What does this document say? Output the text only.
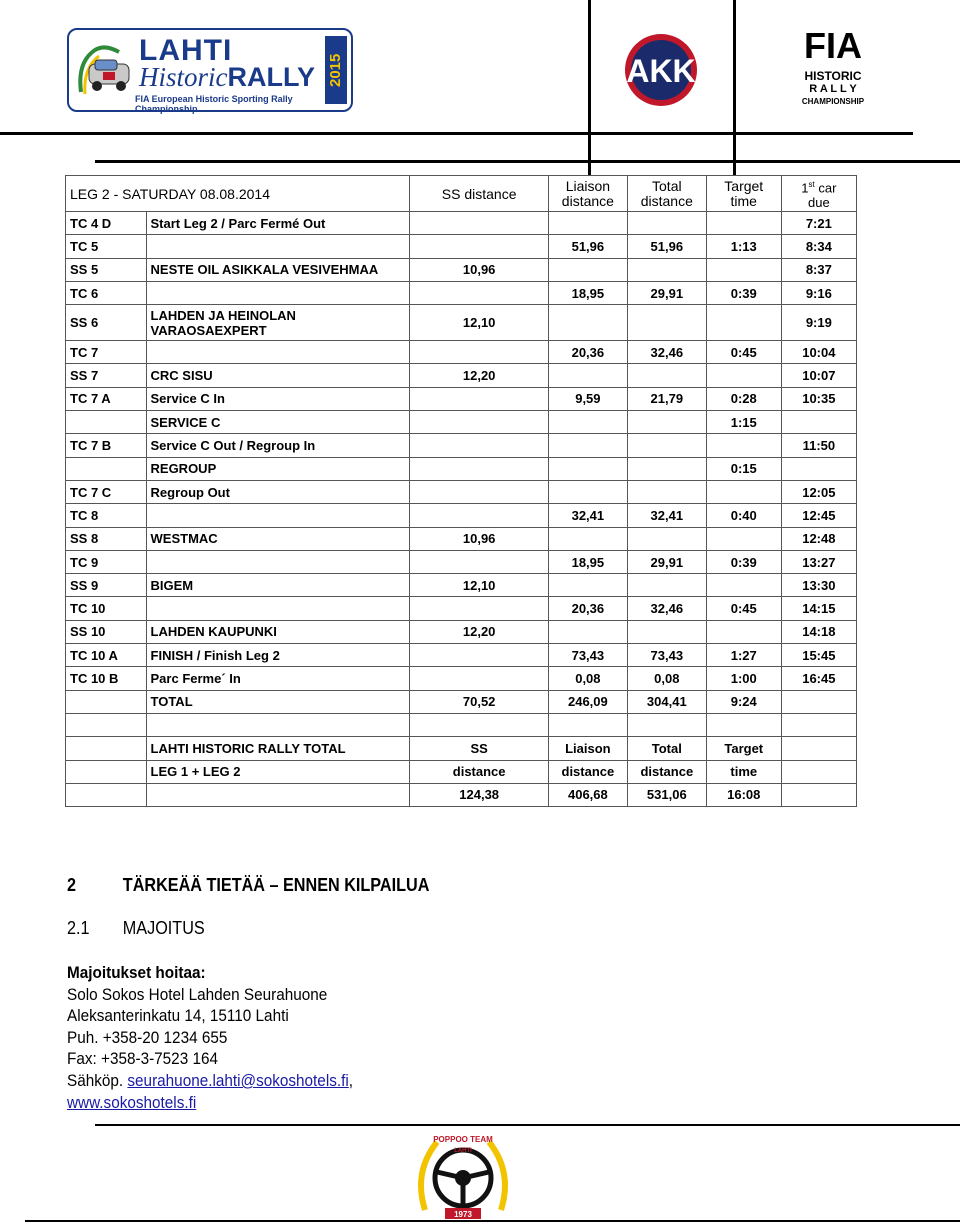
LAHTI
HistoricRALLY
FIA European Historic Sporting Rally Championship
2015	AKK
FIA
HISTORIC
R A L L Y
CHAMPIONSHIP
LEG 2 - SATURDAY 08.08.2014		SS distance	Liaison
distance	Total
distance	Target
time	1st car
due

TC 4 D	Start Leg 2 / Parc Fermé Out					7:21
TC 5			51,96	51,96	1:13	8:34
SS 5	NESTE OIL ASIKKALA VESIVEHMAA	10,96				8:37
TC 6			18,95	29,91	0:39	9:16
SS 6	LAHDEN JA HEINOLAN
VARAOSAEXPERT	12,10				9:19
TC 7			20,36	32,46	0:45	10:04
SS 7	CRC SISU	12,20				10:07
TC 7 A	Service C In		9,59	21,79	0:28	10:35
	SERVICE C				1:15	
TC 7 B	Service C Out / Regroup In					11:50
	REGROUP				0:15	
TC 7 C	Regroup Out					12:05
TC 8			32,41	32,41	0:40	12:45
SS 8	WESTMAC	10,96				12:48
TC 9			18,95	29,91	0:39	13:27
SS 9	BIGEM	12,10				13:30
TC 10			20,36	32,46	0:45	14:15
SS 10	LAHDEN KAUPUNKI	12,20				14:18
TC 10 A	FINISH / Finish Leg 2		73,43	73,43	1:27	15:45
TC 10 B	Parc Ferme´ In		0,08	0,08	1:00	16:45
	TOTAL	70,52	246,09	304,41	9:24	

	LAHTI HISTORIC RALLY TOTAL	SS	Liaison	Total	Target	
	LEG 1 + LEG 2	distance	distance	distance	time	
		124,38	406,68	531,06	16:08	
2	TÄRKEÄÄ TIETÄÄ – ENNEN KILPAILUA
2.1 MAJOITUS
Majoitukset hoitaa:
Solo Sokos Hotel Lahden Seurahuone
Aleksanterinkatu 14, 15110 Lahti
Puh. +358-20 1234 655
Fax: +358-3-7523 164
Sähköp. seurahuone.lahti@sokoshotels.fi,
www.sokoshotels.fi
POPPOO TEAM
LAHTI
1973
